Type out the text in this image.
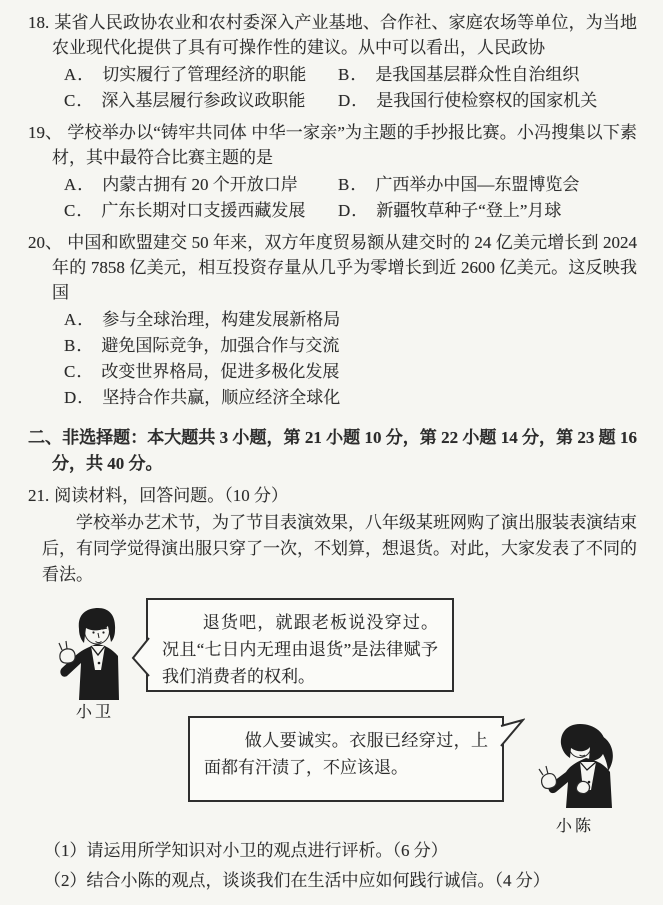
18. 某省人民政协农业和农村委深入产业基地、合作社、家庭农场等单位，为当地农业现代化提供了具有可操作性的建议。从中可以看出，人民政协

A． 切实履行了管理经济的职能	B． 是我国基层群众性自治组织
C． 深入基层履行参政议政职能	D． 是我国行使检察权的国家机关

19、 学校举办以“铸牢共同体 中华一家亲”为主题的手抄报比赛。小冯搜集以下素材，其中最符合比赛主题的是

A． 内蒙古拥有 20 个开放口岸	B． 广西举办中国—东盟博览会
C． 广东长期对口支援西藏发展	D． 新疆牧草种子“登上”月球

20、 中国和欧盟建交 50 年来，双方年度贸易额从建交时的 24 亿美元增长到 2024 年的 7858 亿美元，相互投资存量从几乎为零增长到近 2600 亿美元。这反映我国

A． 参与全球治理，构建发展新格局
B． 避免国际竞争，加强合作与交流
C． 改变世界格局，促进多极化发展
D． 坚持合作共赢，顺应经济全球化

二、非选择题：本大题共 3 小题，第 21 小题 10 分，第 22 小题 14 分，第 23 题 16 分，共 40 分。

21. 阅读材料，回答问题。（10 分）

学校举办艺术节，为了节目表演效果，八年级某班网购了演出服装表演结束后，有同学觉得演出服只穿了一次，不划算，想退货。对此，大家发表了不同的看法。

小卫
退货吧，就跟老板说没穿过。况且“七日内无理由退货”是法律赋予我们消费者的权利。
做人要诚实。衣服已经穿过，上面都有汗渍了，不应该退。
小陈

（1）请运用所学知识对小卫的观点进行评析。（6 分）

（2）结合小陈的观点，谈谈我们在生活中应如何践行诚信。（4 分）
